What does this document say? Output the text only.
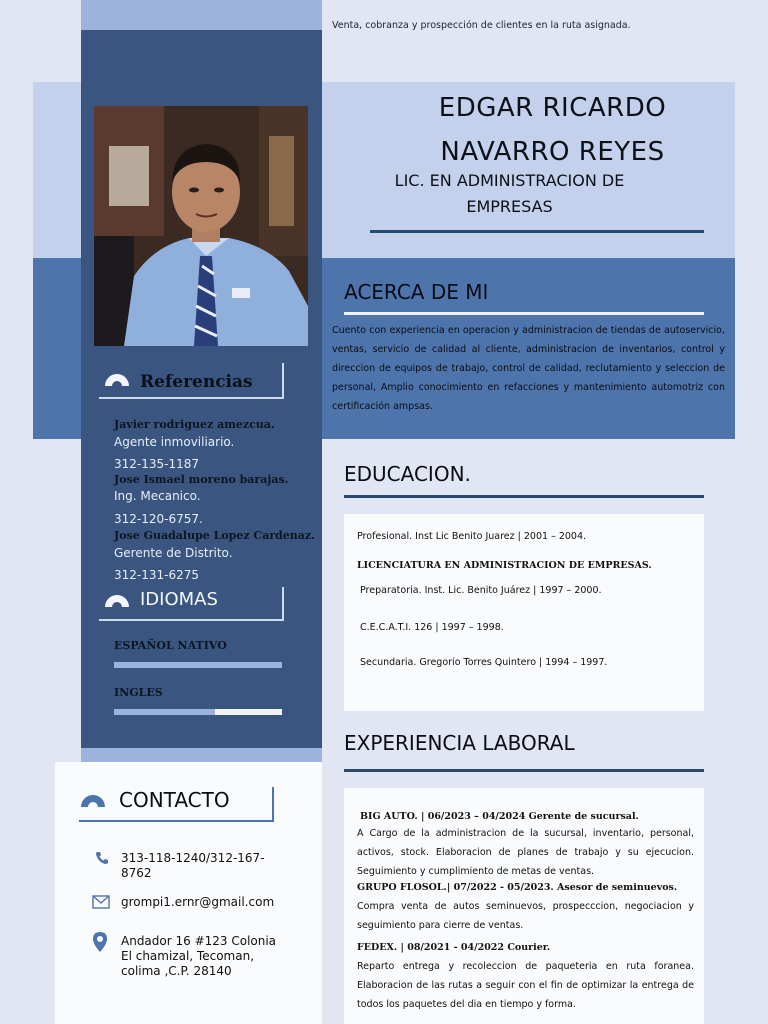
Venta, cobranza y prospección de clientes en la ruta asignada.
EDGAR RICARDO
NAVARRO REYES
LIC. EN ADMINISTRACION DE
EMPRESAS
ACERCA DE MI
Cuento con experiencia en operacion y administracion de tiendas de autoservicio, ventas, servicio de calidad al cliente, administracion de inventarios, control y direccion de equipos de trabajo, control de calidad, reclutamiento y seleccion de personal, Amplio conocimiento en refacciones y mantenimiento automotriz con certificación ampsas.
Referencias
Javier rodriguez amezcua.
Agente inmoviliario.
312-135-1187
Jose Ismael moreno barajas.
Ing. Mecanico.
312-120-6757.
Jose Guadalupe Lopez Cardenaz.
Gerente de Distrito.
312-131-6275
IDIOMAS
ESPAÑOL NATIVO
INGLES
CONTACTO
313-118-1240/312-167-
8762
grompi1.ernr@gmail.com
Andador 16 #123 Colonia
El chamizal, Tecoman,
colima ,C.P. 28140
EDUCACION.
Profesional. Inst Lic Benito Juarez | 2001 – 2004.
LICENCIATURA EN ADMINISTRACION DE EMPRESAS.
Preparatoria. Inst. Lic. Benito Juárez | 1997 – 2000.
C.E.C.A.T.I. 126 | 1997 – 1998.
Secundaria. Gregorio Torres Quintero | 1994 – 1997.
EXPERIENCIA LABORAL
BIG AUTO. | 06/2023 – 04/2024 Gerente de sucursal.
A Cargo de la administracion de la sucursal, inventario, personal, activos, stock. Elaboracion de planes de trabajo y su ejecucion. Seguimiento y cumplimiento de metas de ventas.
GRUPO FLOSOL.| 07/2022 - 05/2023. Asesor de seminuevos.
Compra venta de autos seminuevos, prospecccion, negociacion y seguimiento para cierre de ventas.
FEDEX. | 08/2021 - 04/2022 Courier.
Reparto entrega y recoleccion de paqueteria en ruta foranea. Elaboracion de las rutas a seguir con el fin de optimizar la entrega de todos los paquetes del dia en tiempo y forma.
